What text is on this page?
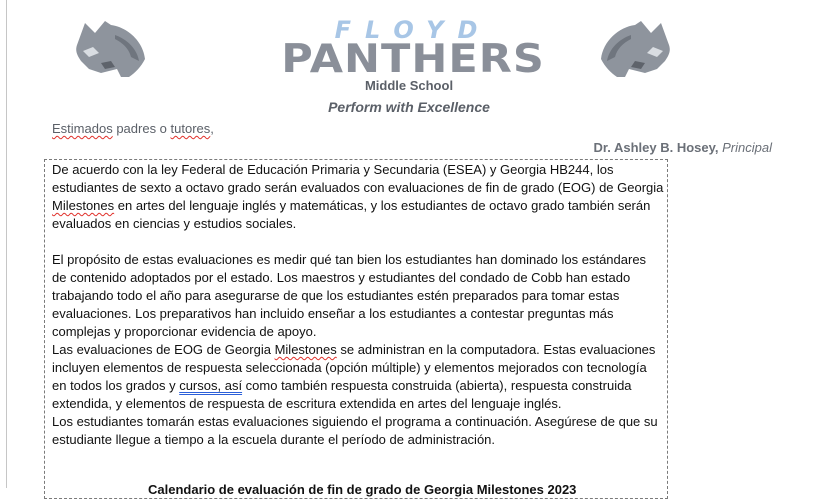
FLOYD
PANTHERS
Middle School
Perform with Excellence
Estimados padres o tutores,
Dr. Ashley B. Hosey, Principal

De acuerdo con la ley Federal de Educación Primaria y Secundaria (ESEA) y Georgia HB244, los estudiantes de sexto a octavo grado serán evaluados con evaluaciones de fin de grado (EOG) de Georgia Milestones en artes del lenguaje inglés y matemáticas, y los estudiantes de octavo grado también serán evaluados en ciencias y estudios sociales.

El propósito de estas evaluaciones es medir qué tan bien los estudiantes han dominado los estándares de contenido adoptados por el estado. Los maestros y estudiantes del condado de Cobb han estado trabajando todo el año para asegurarse de que los estudiantes estén preparados para tomar estas evaluaciones. Los preparativos han incluido enseñar a los estudiantes a contestar preguntas más complejas y proporcionar evidencia de apoyo.

Las evaluaciones de EOG de Georgia Milestones se administran en la computadora. Estas evaluaciones incluyen elementos de respuesta seleccionada (opción múltiple) y elementos mejorados con tecnología en todos los grados y cursos, así como también respuesta construida (abierta), respuesta construida extendida, y elementos de respuesta de escritura extendida en artes del lenguaje inglés.

Los estudiantes tomarán estas evaluaciones siguiendo el programa a continuación. Asegúrese de que su estudiante llegue a tiempo a la escuela durante el período de administración.

Calendario de evaluación de fin de grado de Georgia Milestones 2023
